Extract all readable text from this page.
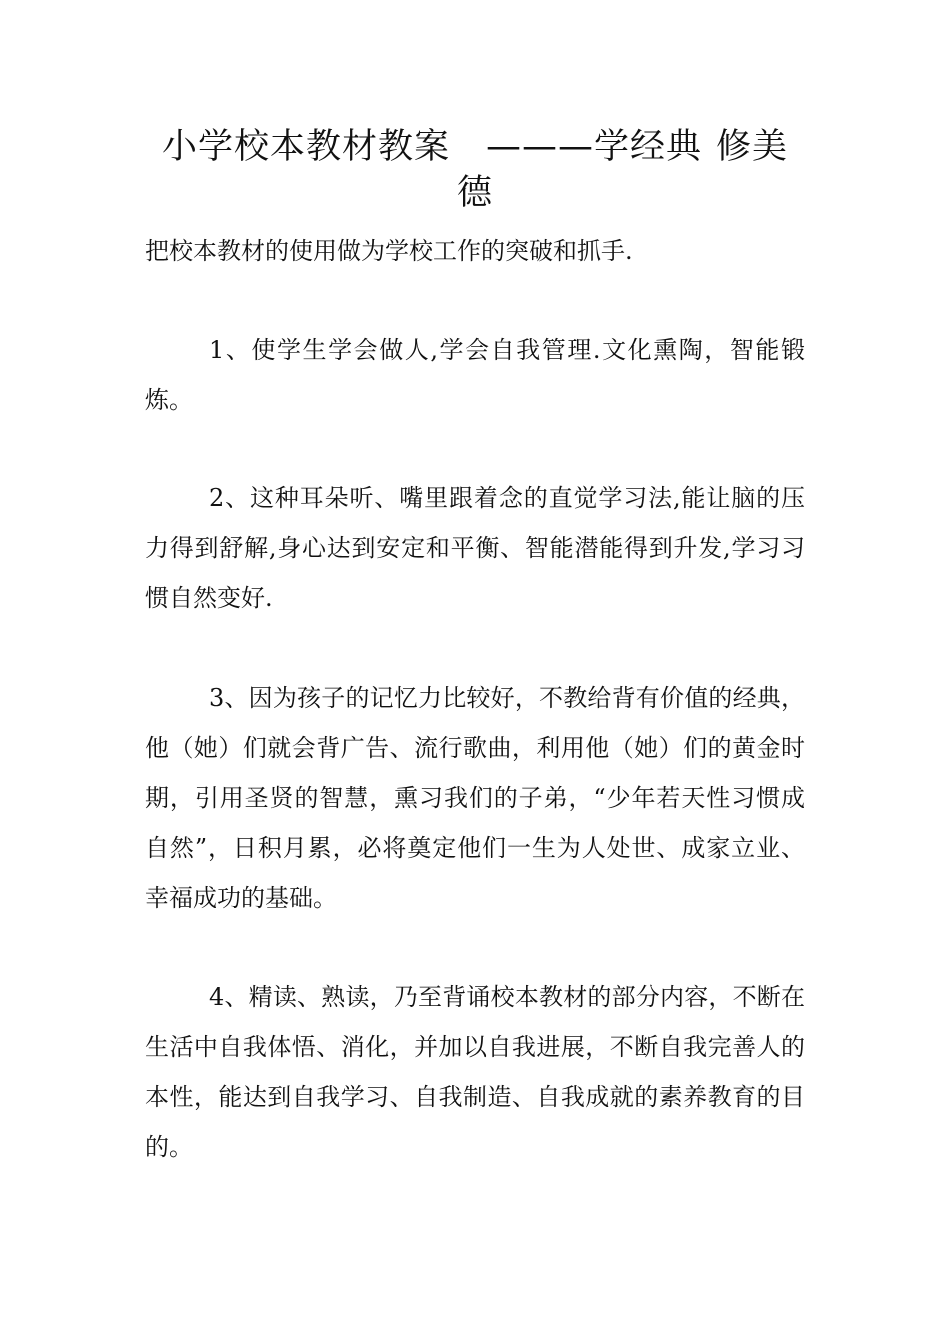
小学校本教材教案 ———学经典 修美德

把校本教材的使用做为学校工作的突破和抓手.

1、使学生学会做人,学会自我管理.文化熏陶，智能锻炼。

2、这种耳朵听、嘴里跟着念的直觉学习法,能让脑的压力得到舒解,身心达到安定和平衡、智能潜能得到升发,学习习惯自然变好.

3、因为孩子的记忆力比较好，不教给背有价值的经典，他（她）们就会背广告、流行歌曲，利用他（她）们的黄金时期，引用圣贤的智慧，熏习我们的子弟，“少年若天性习惯成自然”，日积月累，必将奠定他们一生为人处世、成家立业、幸福成功的基础。

4、精读、熟读，乃至背诵校本教材的部分内容，不断在生活中自我体悟、消化，并加以自我进展，不断自我完善人的本性，能达到自我学习、自我制造、自我成就的素养教育的目的。
